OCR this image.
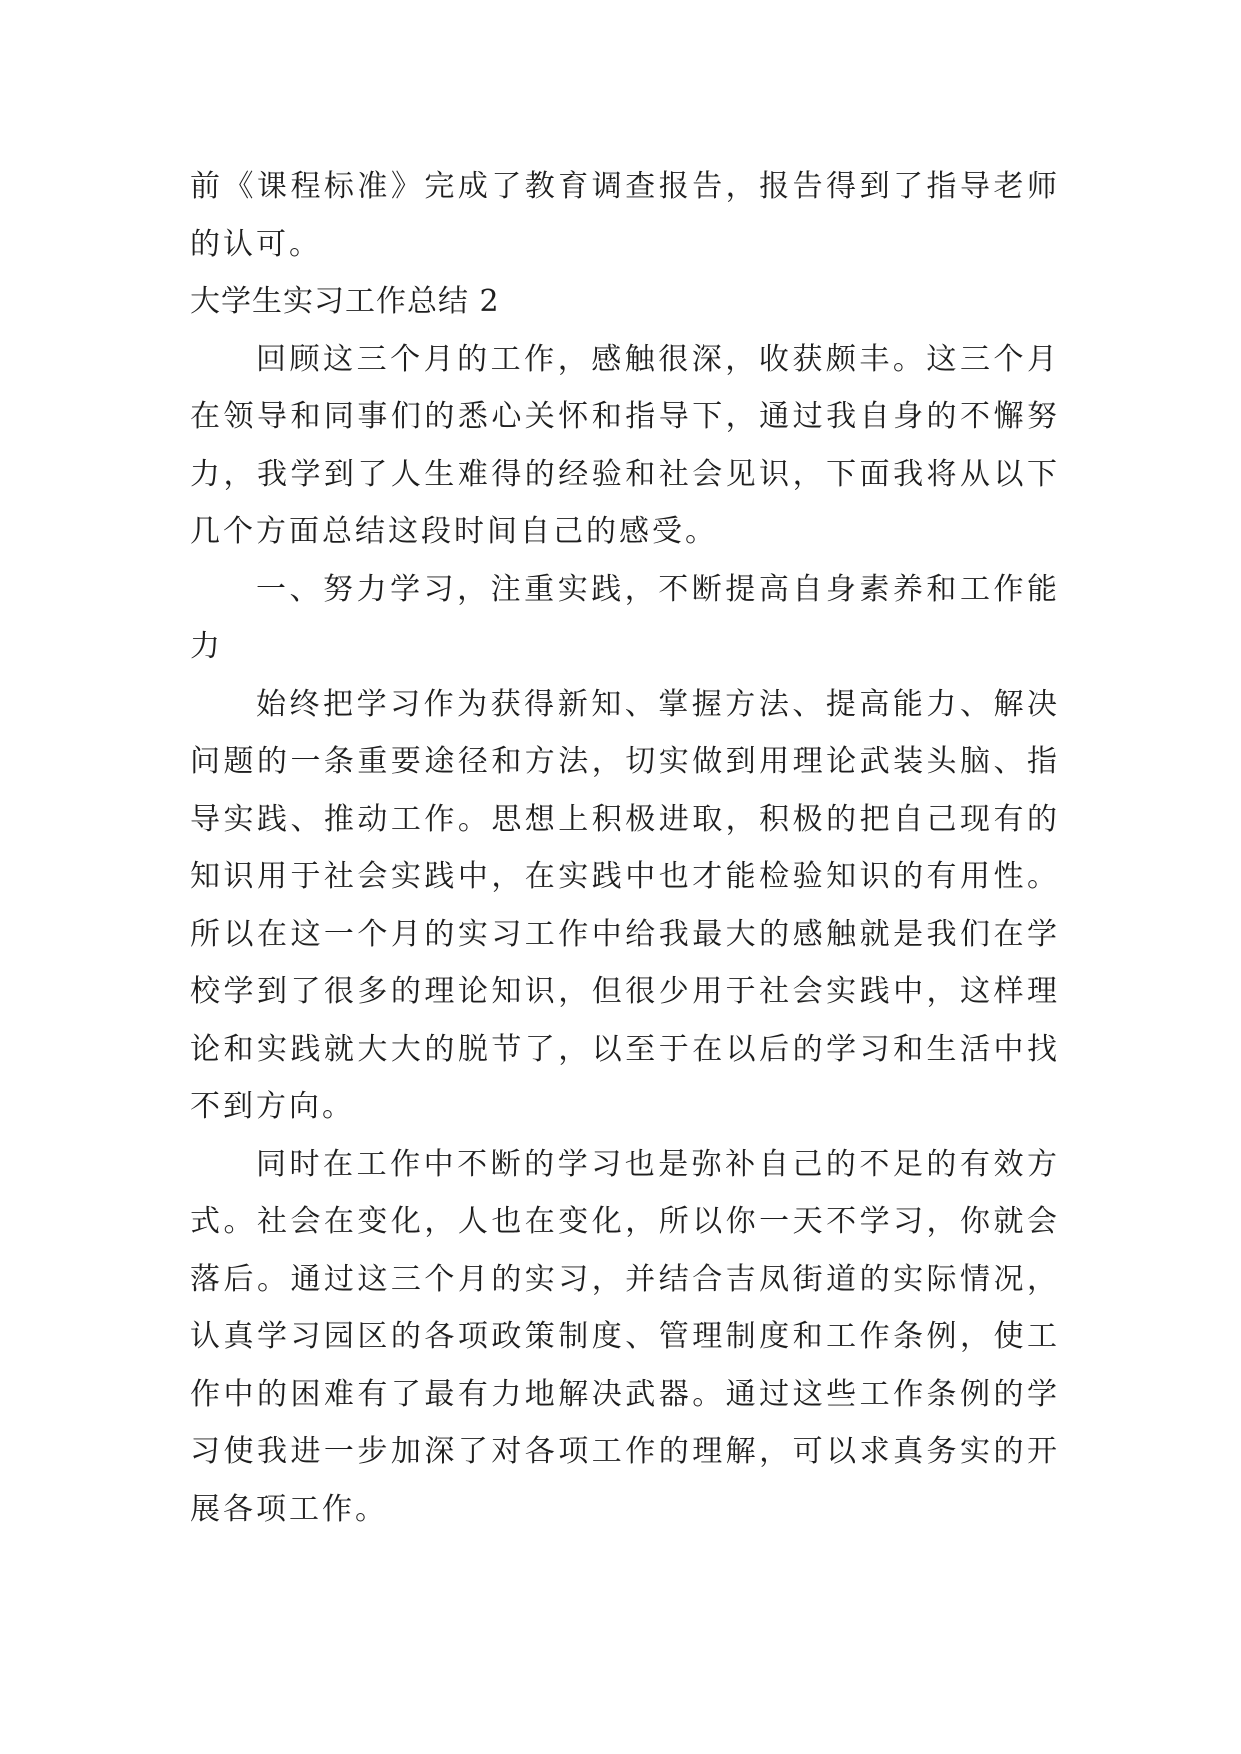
前《课程标准》完成了教育调查报告，报告得到了指导老师的认可。

大学生实习工作总结 2

回顾这三个月的工作，感触很深，收获颇丰。这三个月在领导和同事们的悉心关怀和指导下，通过我自身的不懈努力，我学到了人生难得的经验和社会见识，下面我将从以下几个方面总结这段时间自己的感受。

一、努力学习，注重实践，不断提高自身素养和工作能力

始终把学习作为获得新知、掌握方法、提高能力、解决问题的一条重要途径和方法，切实做到用理论武装头脑、指导实践、推动工作。思想上积极进取，积极的把自己现有的知识用于社会实践中，在实践中也才能检验知识的有用性。所以在这一个月的实习工作中给我最大的感触就是我们在学校学到了很多的理论知识，但很少用于社会实践中，这样理论和实践就大大的脱节了，以至于在以后的学习和生活中找不到方向。

同时在工作中不断的学习也是弥补自己的不足的有效方式。社会在变化，人也在变化，所以你一天不学习，你就会落后。通过这三个月的实习，并结合吉凤街道的实际情况，认真学习园区的各项政策制度、管理制度和工作条例，使工作中的困难有了最有力地解决武器。通过这些工作条例的学习使我进一步加深了对各项工作的理解，可以求真务实的开展各项工作。
